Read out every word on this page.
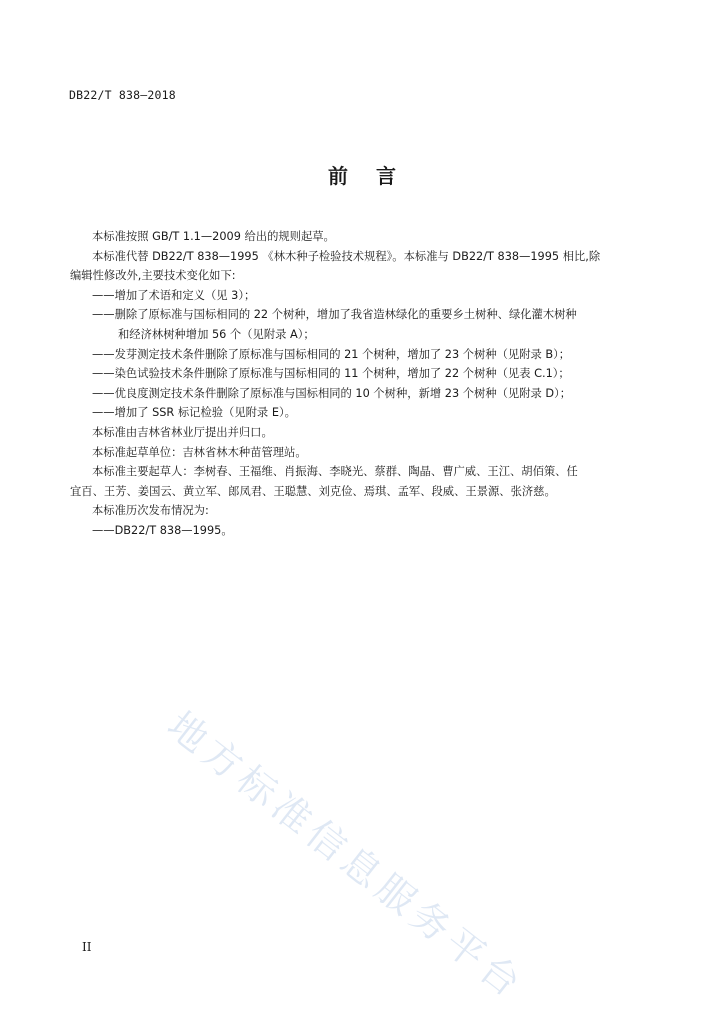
DB22/T 838—2018
前言
本标准按照 GB/T 1.1—2009 给出的规则起草。
本标准代替 DB22/T 838—1995 《林木种子检验技术规程》。本标准与 DB22/T 838—1995 相比,除
编辑性修改外,主要技术变化如下:
——增加了术语和定义（见 3）；
——删除了原标准与国标相同的 22 个树种，增加了我省造林绿化的重要乡土树种、绿化灌木树种
和经济林树种增加 56 个（见附录 A）；
——发芽测定技术条件删除了原标准与国标相同的 21 个树种，增加了 23 个树种（见附录 B）；
——染色试验技术条件删除了原标准与国标相同的 11 个树种，增加了 22 个树种（见表 C.1）；
——优良度测定技术条件删除了原标准与国标相同的 10 个树种，新增 23 个树种（见附录 D）；
——增加了 SSR 标记检验（见附录 E）。
本标准由吉林省林业厅提出并归口。
本标准起草单位：吉林省林木种苗管理站。
本标准主要起草人：李树春、王福维、肖振海、李晓光、蔡群、陶晶、曹广威、王江、胡佰策、任
宜百、王芳、姜国云、黄立军、郎凤君、王聪慧、刘克俭、焉琪、孟军、段威、王景源、张济慈。
本标准历次发布情况为:
——DB22/T 838—1995。
地方标准信息服务平台
II
